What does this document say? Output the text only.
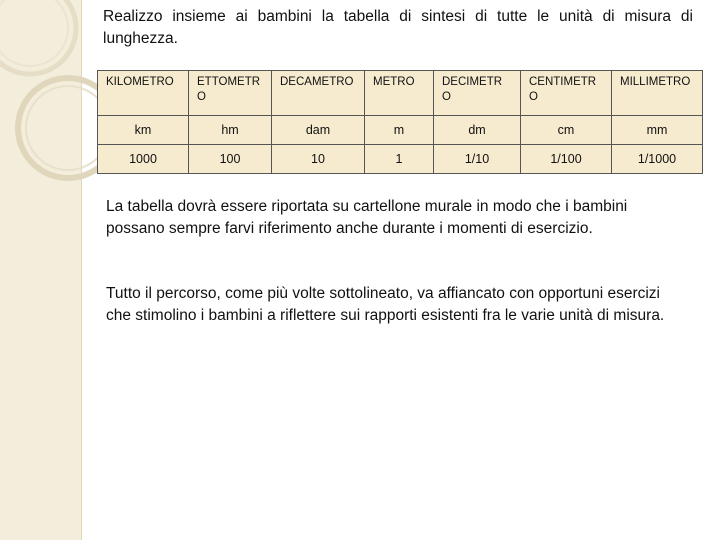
Realizzo insieme ai bambini la tabella di sintesi di tutte le unità di misura di lunghezza.

KILOMETRO	ETTOMETR O	DECAMETRO	METRO	DECIMETR O	CENTIMETR O	MILLIMETRO
km	hm	dam	m	dm	cm	mm
1000	100	10	1	1/10	1/100	1/1000

La tabella dovrà essere riportata su cartellone murale in modo che i bambini possano sempre farvi riferimento anche durante i momenti di esercizio.

Tutto il percorso, come più volte sottolineato, va affiancato con opportuni esercizi che stimolino i bambini a riflettere sui rapporti esistenti fra le varie unità di misura.
